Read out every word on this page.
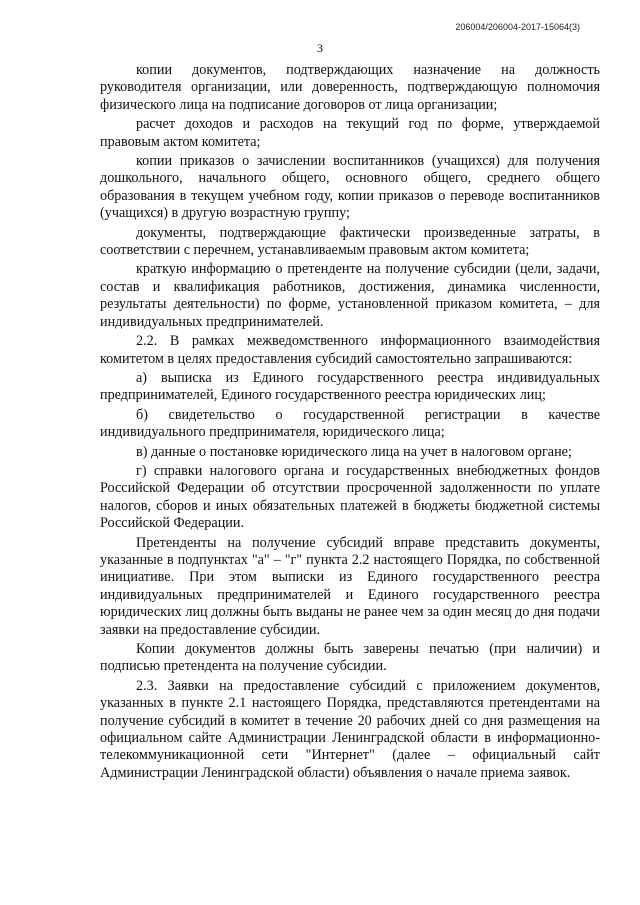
206004/206004-2017-15064(3)
3

копии документов, подтверждающих назначение на должность руководителя организации, или доверенность, подтверждающую полномочия физического лица на подписание договоров от лица организации;

расчет доходов и расходов на текущий год по форме, утверждаемой правовым актом комитета;

копии приказов о зачислении воспитанников (учащихся) для получения дошкольного, начального общего, основного общего, среднего общего образования в текущем учебном году, копии приказов о переводе воспитанников (учащихся) в другую возрастную группу;

документы, подтверждающие фактически произведенные затраты, в соответствии с перечнем, устанавливаемым правовым актом комитета;

краткую информацию о претенденте на получение субсидии (цели, задачи, состав и квалификация работников, достижения, динамика численности, результаты деятельности) по форме, установленной приказом комитета, – для индивидуальных предпринимателей.

2.2. В рамках межведомственного информационного взаимодействия комитетом в целях предоставления субсидий самостоятельно запрашиваются:

а) выписка из Единого государственного реестра индивидуальных предпринимателей, Единого государственного реестра юридических лиц;

б) свидетельство о государственной регистрации в качестве индивидуального предпринимателя, юридического лица;

в) данные о постановке юридического лица на учет в налоговом органе;

г) справки налогового органа и государственных внебюджетных фондов Российской Федерации об отсутствии просроченной задолженности по уплате налогов, сборов и иных обязательных платежей в бюджеты бюджетной системы Российской Федерации.

Претенденты на получение субсидий вправе представить документы, указанные в подпунктах "а" – "г" пункта 2.2 настоящего Порядка, по собственной инициативе. При этом выписки из Единого государственного реестра индивидуальных предпринимателей и Единого государственного реестра юридических лиц должны быть выданы не ранее чем за один месяц до дня подачи заявки на предоставление субсидии.

Копии документов должны быть заверены печатью (при наличии) и подписью претендента на получение субсидии.

2.3. Заявки на предоставление субсидий с приложением документов, указанных в пункте 2.1 настоящего Порядка, представляются претендентами на получение субсидий в комитет в течение 20 рабочих дней со дня размещения на официальном сайте Администрации Ленинградской области в информационно-телекоммуникационной сети "Интернет" (далее – официальный сайт Администрации Ленинградской области) объявления о начале приема заявок.
